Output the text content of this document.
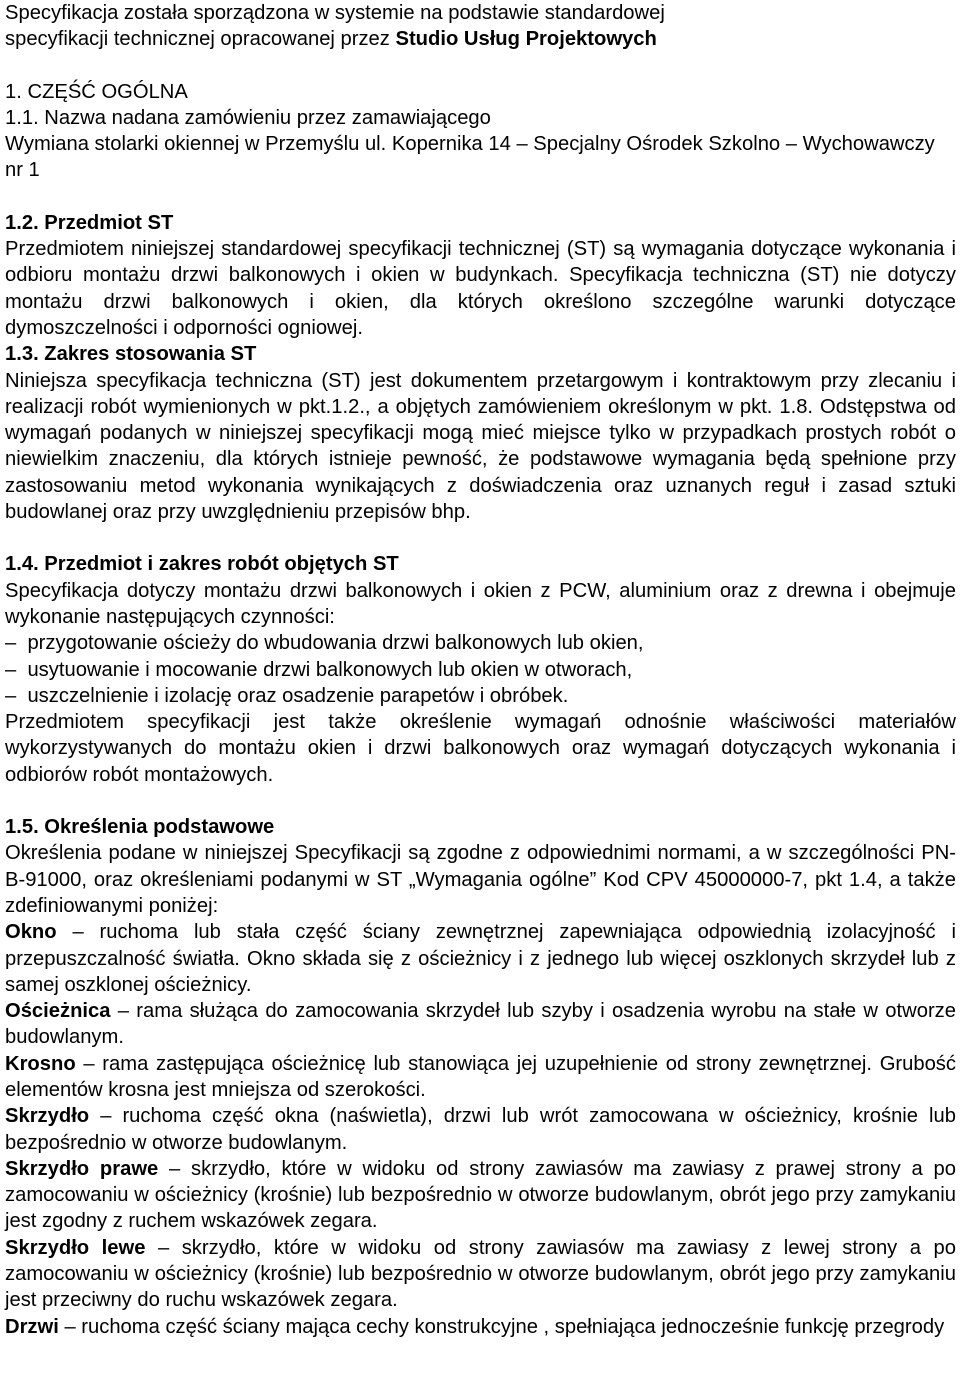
Specyfikacja została sporządzona w systemie na podstawie standardowej

specyfikacji technicznej opracowanej przez Studio Usług Projektowych

1. CZĘŚĆ OGÓLNA

1.1. Nazwa nadana zamówieniu przez zamawiającego

Wymiana stolarki okiennej w Przemyślu ul. Kopernika 14 – Specjalny Ośrodek Szkolno – Wychowawczy nr 1

1.2. Przedmiot ST

Przedmiotem niniejszej standardowej specyfikacji technicznej (ST) są wymagania dotyczące wykonania i odbioru montażu drzwi balkonowych i okien w budynkach. Specyfikacja techniczna (ST) nie dotyczy montażu drzwi balkonowych i okien, dla których określono szczególne warunki dotyczące dymoszczelności i odporności ogniowej.

1.3. Zakres stosowania ST

Niniejsza specyfikacja techniczna (ST) jest dokumentem przetargowym i kontraktowym przy zlecaniu i realizacji robót wymienionych w pkt.1.2., a objętych zamówieniem określonym w pkt. 1.8. Odstępstwa od wymagań podanych w niniejszej specyfikacji mogą mieć miejsce tylko w przypadkach prostych robót o niewielkim znaczeniu, dla których istnieje pewność, że podstawowe wymagania będą spełnione przy zastosowaniu metod wykonania wynikających z doświadczenia oraz uznanych reguł i zasad sztuki budowlanej oraz przy uwzględnieniu przepisów bhp.

1.4. Przedmiot i zakres robót objętych ST

Specyfikacja dotyczy montażu drzwi balkonowych i okien z PCW, aluminium oraz z drewna i obejmuje wykonanie następujących czynności:

–  przygotowanie ościeży do wbudowania drzwi balkonowych lub okien,

–  usytuowanie i mocowanie drzwi balkonowych lub okien w otworach,

–  uszczelnienie i izolację oraz osadzenie parapetów i obróbek.

Przedmiotem specyfikacji jest także określenie wymagań odnośnie właściwości materiałów wykorzystywanych do montażu okien i drzwi balkonowych oraz wymagań dotyczących wykonania i odbiorów robót montażowych.

1.5. Określenia podstawowe

Określenia podane w niniejszej Specyfikacji są zgodne z odpowiednimi normami, a w szczególności PN-B-91000, oraz określeniami podanymi w ST „Wymagania ogólne” Kod CPV 45000000-7, pkt 1.4, a także zdefiniowanymi poniżej:

Okno – ruchoma lub stała część ściany zewnętrznej zapewniająca odpowiednią izolacyjność i przepuszczalność światła. Okno składa się z ościeżnicy i z jednego lub więcej oszklonych skrzydeł lub z samej oszklonej ościeżnicy.

Ościeżnica – rama służąca do zamocowania skrzydeł lub szyby i osadzenia wyrobu na stałe w otworze budowlanym.

Krosno – rama zastępująca ościeżnicę lub stanowiąca jej uzupełnienie od strony zewnętrznej. Grubość elementów krosna jest mniejsza od szerokości.

Skrzydło – ruchoma część okna (naświetla), drzwi lub wrót zamocowana w ościeżnicy, krośnie lub bezpośrednio w otworze budowlanym.

Skrzydło prawe – skrzydło, które w widoku od strony zawiasów ma zawiasy z prawej strony a po zamocowaniu w ościeżnicy (krośnie) lub bezpośrednio w otworze budowlanym, obrót jego przy zamykaniu jest zgodny z ruchem wskazówek zegara.

Skrzydło lewe – skrzydło, które w widoku od strony zawiasów ma zawiasy z lewej strony a po zamocowaniu w ościeżnicy (krośnie) lub bezpośrednio w otworze budowlanym, obrót jego przy zamykaniu jest przeciwny do ruchu wskazówek zegara.

Drzwi – ruchoma część ściany mająca cechy konstrukcyjne , spełniająca jednocześnie funkcję przegrody
